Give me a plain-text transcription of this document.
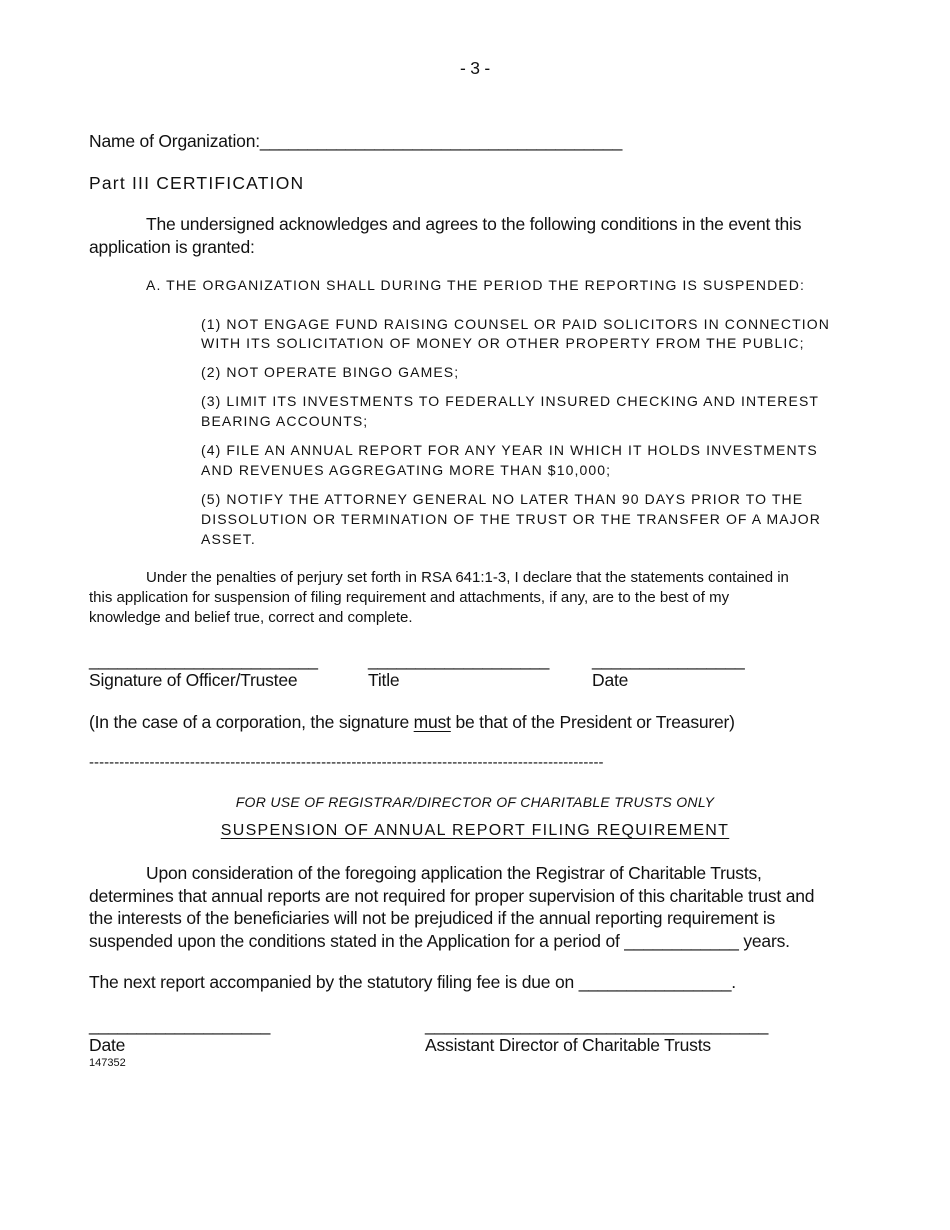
- 3 -
Name of Organization:______________________________________
Part III CERTIFICATION
The undersigned acknowledges and agrees to the following conditions in the event this
application is granted:
A. THE ORGANIZATION SHALL DURING THE PERIOD THE REPORTING IS SUSPENDED:
(1) NOT ENGAGE FUND RAISING COUNSEL OR PAID SOLICITORS IN CONNECTION
WITH ITS SOLICITATION OF MONEY OR OTHER PROPERTY FROM THE PUBLIC;
(2) NOT OPERATE BINGO GAMES;
(3) LIMIT ITS INVESTMENTS TO FEDERALLY INSURED CHECKING AND INTEREST
BEARING ACCOUNTS;
(4) FILE AN ANNUAL REPORT FOR ANY YEAR IN WHICH IT HOLDS INVESTMENTS
AND REVENUES AGGREGATING MORE THAN $10,000;
(5) NOTIFY THE ATTORNEY GENERAL NO LATER THAN 90 DAYS PRIOR TO THE
DISSOLUTION OR TERMINATION OF THE TRUST OR THE TRANSFER OF A MAJOR
ASSET.
Under the penalties of perjury set forth in RSA 641:1-3, I declare that the statements contained in
this application for suspension of filing requirement and attachments, if any, are to the best of my
knowledge and belief true, correct and complete.
________________________	___________________ ________________
Signature of Officer/Trustee	Title	Date
(In the case of a corporation, the signature must be that of the President or Treasurer)
------------------------------------------------------------------------------------------------------
FOR USE OF REGISTRAR/DIRECTOR OF CHARITABLE TRUSTS ONLY
SUSPENSION OF ANNUAL REPORT FILING REQUIREMENT
Upon consideration of the foregoing application the Registrar of Charitable Trusts,
determines that annual reports are not required for proper supervision of this charitable trust and
the interests of the beneficiaries will not be prejudiced if the annual reporting requirement is
suspended upon the conditions stated in the Application for a period of ____________ years.
The next report accompanied by the statutory filing fee is due on ________________.
___________________	____________________________________
Date	Assistant Director of Charitable Trusts
147352
